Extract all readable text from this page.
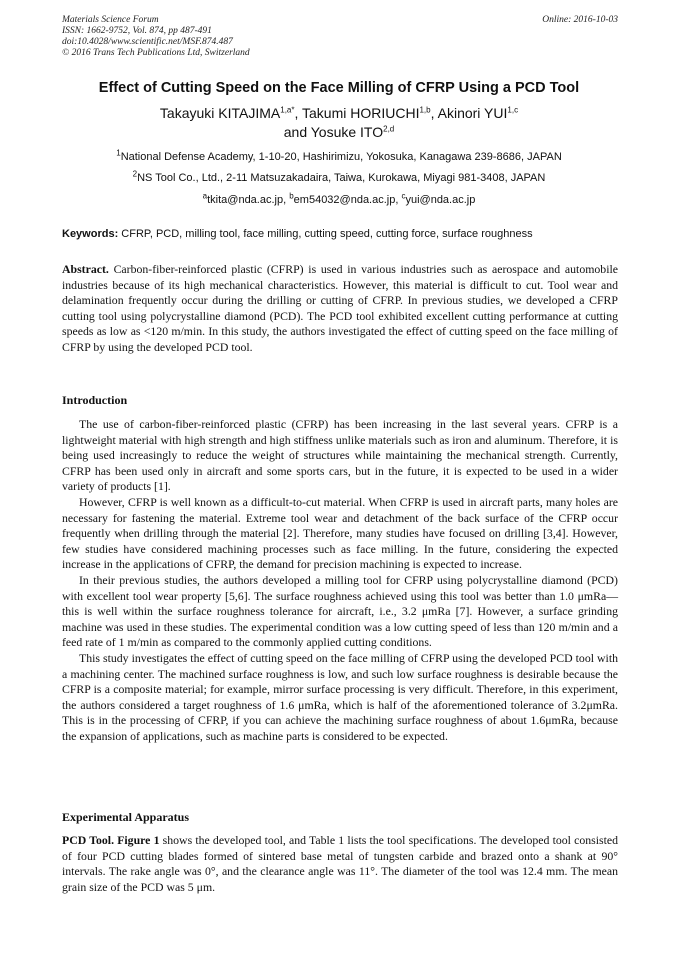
Materials Science Forum
ISSN: 1662-9752, Vol. 874, pp 487-491
doi:10.4028/www.scientific.net/MSF.874.487
© 2016 Trans Tech Publications Ltd, Switzerland
Online: 2016-10-03
Effect of Cutting Speed on the Face Milling of CFRP Using a PCD Tool
Takayuki $KITAJIMA^{1,a*}$, Takumi HORIUCHI$^{1,b}$, Akinori YUI$^{1,c}$
and Yosuke ITO$^{2,d}$
$^1$National Defense Academy, 1-10-20, Hashirimizu, Yokosuka, Kanagawa 239-8686, JAPAN
$^2$NS Tool Co., Ltd., 2-11 Matsuzakadaira, Taiwa, Kurokawa, Miyagi 981-3408, JAPAN
$^a$tkita@nda.ac.jp, $^b$em54032@nda.ac.jp, $^c$yui@nda.ac.jp
Keywords: CFRP, PCD, milling tool, face milling, cutting speed, cutting force, surface roughness
Abstract. Carbon-fiber-reinforced plastic (CFRP) is used in various industries such as aerospace and automobile industries because of its high mechanical characteristics. However, this material is difficult to cut. Tool wear and delamination frequently occur during the drilling or cutting of CFRP. In previous studies, we developed a CFRP cutting tool using polycrystalline diamond (PCD). The PCD tool exhibited excellent cutting performance at cutting speeds as low as <120 m/min. In this study, the authors investigated the effect of cutting speed on the face milling of CFRP by using the developed PCD tool.
Introduction

The use of carbon-fiber-reinforced plastic (CFRP) has been increasing in the last several years. CFRP is a lightweight material with high strength and high stiffness unlike materials such as iron and aluminum. Therefore, it is being used increasingly to reduce the weight of structures while maintaining the mechanical strength. Currently, CFRP has been used only in aircraft and some sports cars, but in the future, it is expected to be used in a wider variety of products [1].

However, CFRP is well known as a difficult-to-cut material. When CFRP is used in aircraft parts, many holes are necessary for fastening the material. Extreme tool wear and detachment of the back surface of the CFRP occur frequently when drilling through the material [2]. Therefore, many studies have focused on drilling [3,4]. However, few studies have considered machining processes such as face milling. In the future, considering the expected increase in the applications of CFRP, the demand for precision machining is expected to increase.

In their previous studies, the authors developed a milling tool for CFRP using polycrystalline diamond (PCD) with excellent tool wear property [5,6]. The surface roughness achieved using this tool was better than 1.0 μmRa—this is well within the surface roughness tolerance for aircraft, i.e., 3.2 μmRa [7]. However, a surface grinding machine was used in these studies. The experimental condition was a low cutting speed of less than 120 m/min and a feed rate of 1 m/min as compared to the commonly applied cutting conditions.

This study investigates the effect of cutting speed on the face milling of CFRP using the developed PCD tool with a machining center. The machined surface roughness is low, and such low surface roughness is desirable because the CFRP is a composite material; for example, mirror surface processing is very difficult. Therefore, in this experiment, the authors considered a target roughness of 1.6 μmRa, which is half of the aforementioned tolerance of 3.2μmRa. This is in the processing of CFRP, if you can achieve the machining surface roughness of about 1.6μmRa, because the expansion of applications, such as machine parts is considered to be expected.

Experimental Apparatus

PCD Tool. Figure 1 shows the developed tool, and Table 1 lists the tool specifications. The developed tool consisted of four PCD cutting blades formed of sintered base metal of tungsten carbide and brazed onto a shank at 90° intervals. The rake angle was 0°, and the clearance angle was 11°. The diameter of the tool was 12.4 mm. The mean grain size of the PCD was 5 μm.
